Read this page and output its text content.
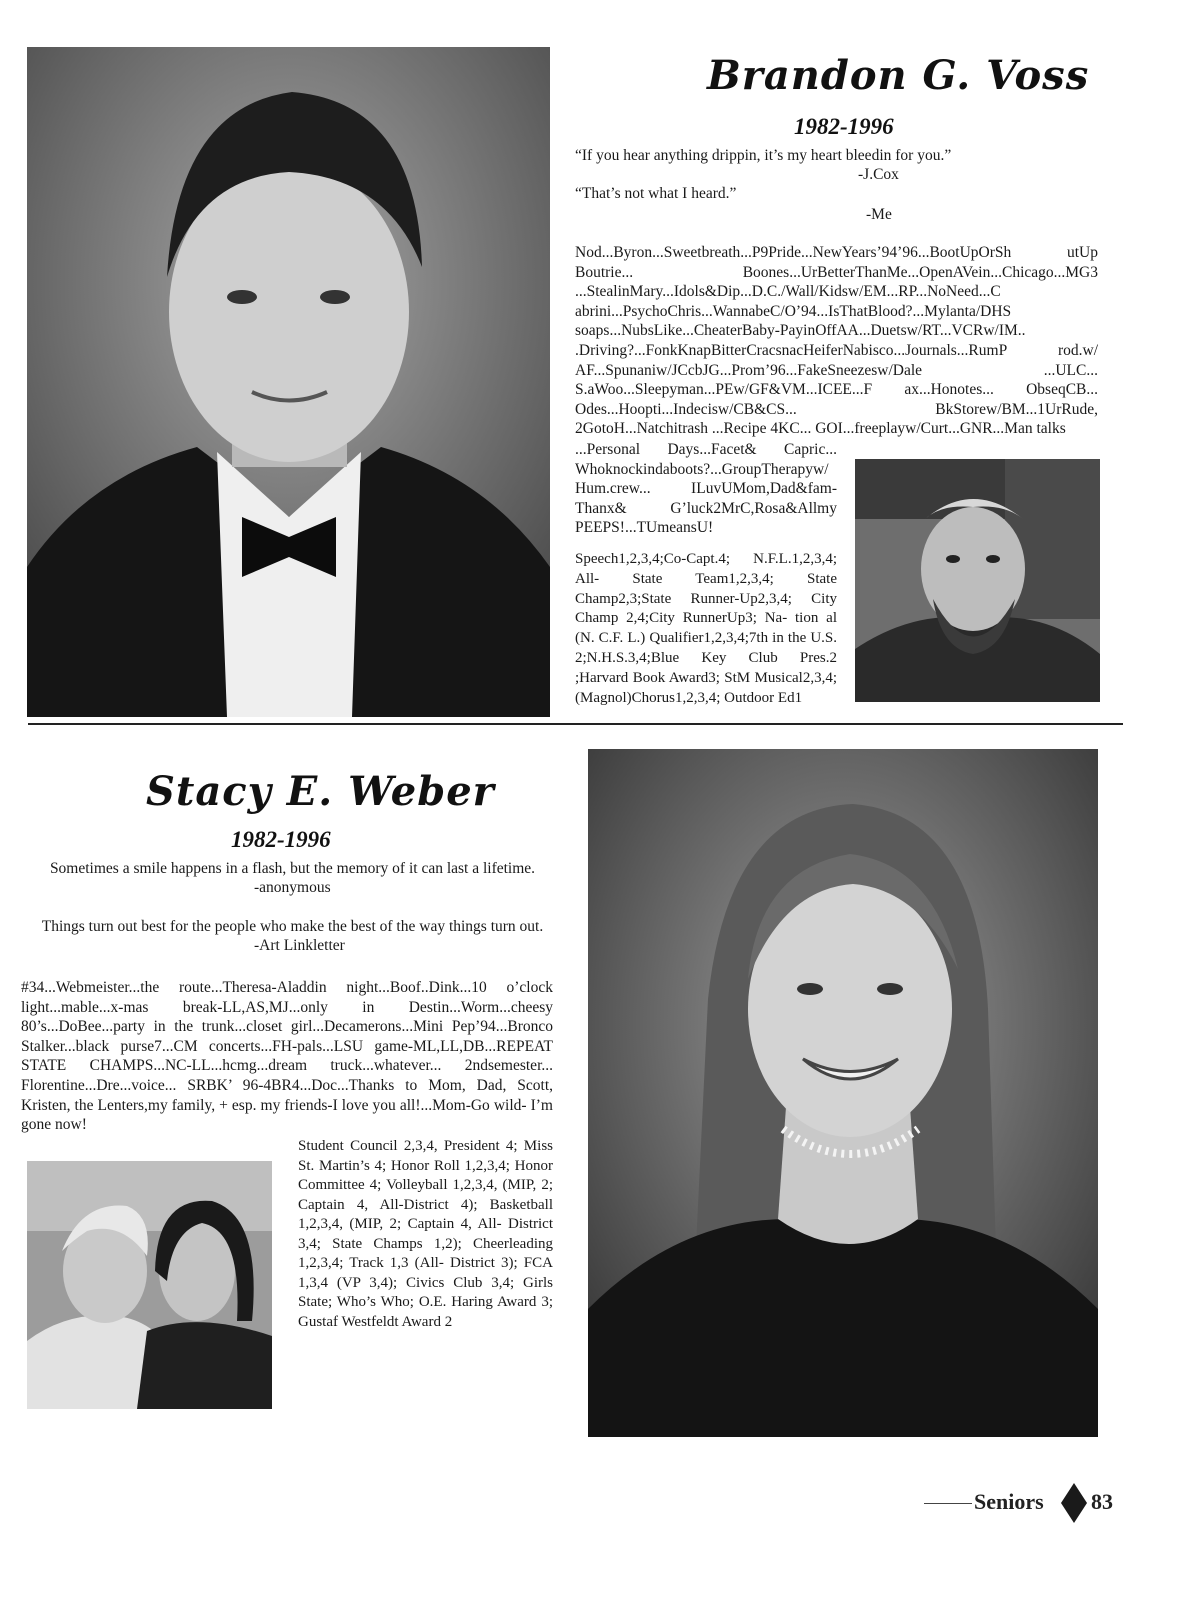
Brandon G. Voss
1982-1996
“If you hear anything drippin, it’s my heart bleedin for you.”
-J.Cox
“That’s not what I heard.”
-Me
Nod...Byron...Sweetbreath...P9Pride...NewYears’94’96...BootUpOrSh utUp Boutrie... Boones...UrBetterThanMe...OpenAVein...Chicago...MG3 ...StealinMary...Idols&Dip...D.C./Wall/Kidsw/EM...RP...NoNeed...C abrini...PsychoChris...WannabeC/O’94...IsThatBlood?...Mylanta/DHS soaps...NubsLike...CheaterBaby-PayinOffAA...Duetsw/RT...VCRw/IM.. .Driving?...FonkKnapBitterCracsnacHeiferNabisco...Journals...RumP rod.w/ AF...Spunaniw/JCcbJG...Prom’96...FakeSneezesw/Dale ...ULC... S.aWoo...Sleepyman...PEw/GF&VM...ICEE...F ax...Honotes... ObseqCB... Odes...Hoopti...Indecisw/CB&CS... BkStorew/BM...1UrRude, 2GotoH...Natchitrash ...Recipe 4KC... GOI...freeplayw/Curt...GNR...Man talks
...Personal Days...Facet& Capric... Whoknockindaboots?...GroupTherapyw/ Hum.crew... ILuvUMom,Dad&fam- Thanx& G’luck2MrC,Rosa&Allmy PEEPS!...TUmeansU!
Speech1,2,3,4;Co-Capt.4; N.F.L.1,2,3,4; All- State Team1,2,3,4; State Champ2,3;State Runner-Up2,3,4; City Champ 2,4;City RunnerUp3; Na- tion al (N. C.F. L.) Qualifier1,2,3,4;7th in the U.S. 2;N.H.S.3,4;Blue Key Club Pres.2 ;Harvard Book Award3; StM Musical2,3,4; (Magnol)Chorus1,2,3,4; Outdoor Ed1
Stacy E. Weber
1982-1996
Sometimes a smile happens in a flash, but the memory of it can last a lifetime.
-anonymous
Things turn out best for the people who make the best of the way things turn out.
-Art Linkletter
#34...Webmeister...the route...Theresa-Aladdin night...Boof..Dink...10 o’clock light...mable...x-mas break-LL,AS,MJ...only in Destin...Worm...cheesy 80’s...DoBee...party in the trunk...closet girl...Decamerons...Mini Pep’94...Bronco Stalker...black purse7...CM concerts...FH-pals...LSU game-ML,LL,DB...REPEAT STATE CHAMPS...NC-LL...hcmg...dream truck...whatever... 2ndsemester... Florentine...Dre...voice... SRBK’ 96-4BR4...Doc...Thanks to Mom, Dad, Scott, Kristen, the Lenters,my family, + esp. my friends-I love you all!...Mom-Go wild- I’m gone now!
Student Council 2,3,4, President 4; Miss St. Martin’s 4; Honor Roll 1,2,3,4; Honor Committee 4; Volleyball 1,2,3,4, (MIP, 2; Captain 4, All-District 4); Basketball 1,2,3,4, (MIP, 2; Captain 4, All- District 3,4; State Champs 1,2); Cheerleading 1,2,3,4; Track 1,3 (All- District 3); FCA 1,3,4 (VP 3,4); Civics Club 3,4; Girls State; Who’s Who; O.E. Haring Award 3; Gustaf Westfeldt Award 2
Seniors 83
